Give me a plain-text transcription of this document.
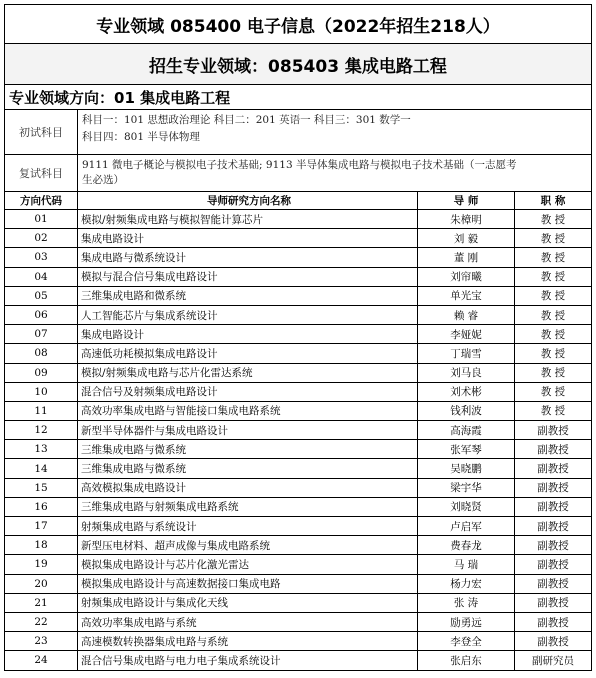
专业领域 085400 电子信息（2022年招生218人）
招生专业领域：085403 集成电路工程
专业领域方向：01 集成电路工程
初试科目
科目一：101 思想政治理论 科目二：201 英语一 科目三：301 数学一
科目四：801 半导体物理
复试科目
9111 微电子概论与模拟电子技术基础; 9113 半导体集成电路与模拟电子技术基础（一志愿考
生必选）
方向代码	导师研究方向名称	导 师	职 称
01	模拟/射频集成电路与模拟智能计算芯片	朱樟明	教 授
02	集成电路设计	刘 毅	教 授
03	集成电路与微系统设计	董 刚	教 授
04	模拟与混合信号集成电路设计	刘帘曦	教 授
05	三维集成电路和微系统	单光宝	教 授
06	人工智能芯片与集成系统设计	赖 睿	教 授
07	集成电路设计	李娅妮	教 授
08	高速低功耗模拟集成电路设计	丁瑞雪	教 授
09	模拟/射频集成电路与芯片化雷达系统	刘马良	教 授
10	混合信号及射频集成电路设计	刘术彬	教 授
11	高效功率集成电路与智能接口集成电路系统	钱利波	教 授
12	新型半导体器件与集成电路设计	高海霞	副教授
13	三维集成电路与微系统	张军琴	副教授
14	三维集成电路与微系统	吴晓鹏	副教授
15	高效模拟集成电路设计	梁宇华	副教授
16	三维集成电路与射频集成电路系统	刘晓贤	副教授
17	射频集成电路与系统设计	卢启军	副教授
18	新型压电材料、超声成像与集成电路系统	费春龙	副教授
19	模拟集成电路设计与芯片化激光雷达	马 瑞	副教授
20	模拟集成电路设计与高速数据接口集成电路	杨力宏	副教授
21	射频集成电路设计与集成化天线	张 涛	副教授
22	高效功率集成电路与系统	励勇远	副教授
23	高速模数转换器集成电路与系统	李登全	副教授
24	混合信号集成电路与电力电子集成系统设计	张启东	副研究员
